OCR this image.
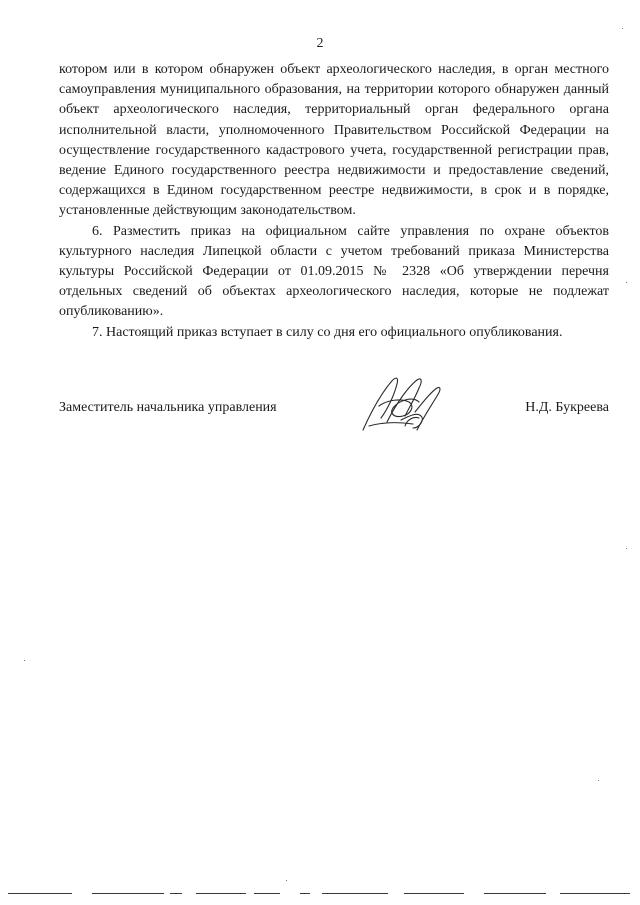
2

котором или в котором обнаружен объект археологического наследия, в орган местного самоуправления муниципального образования, на территории которого обнаружен данный объект археологического наследия, территориальный орган федерального органа исполнительной власти, уполномоченного Правительством Российской Федерации на осуществление государственного кадастрового учета, государственной регистрации прав, ведение Единого государственного реестра недвижимости и предоставление сведений, содержащихся в Едином государственном реестре недвижимости, в срок и в порядке, установленные действующим законодательством.

6. Разместить приказ на официальном сайте управления по охране объектов культурного наследия Липецкой области с учетом требований приказа Министерства культуры Российской Федерации от 01.09.2015 № 2328 «Об утверждении перечня отдельных сведений об объектах археологического наследия, которые не подлежат опубликованию».

7. Настоящий приказ вступает в силу со дня его официального опубликования.

Заместитель начальника управления	Н.Д. Букреева
